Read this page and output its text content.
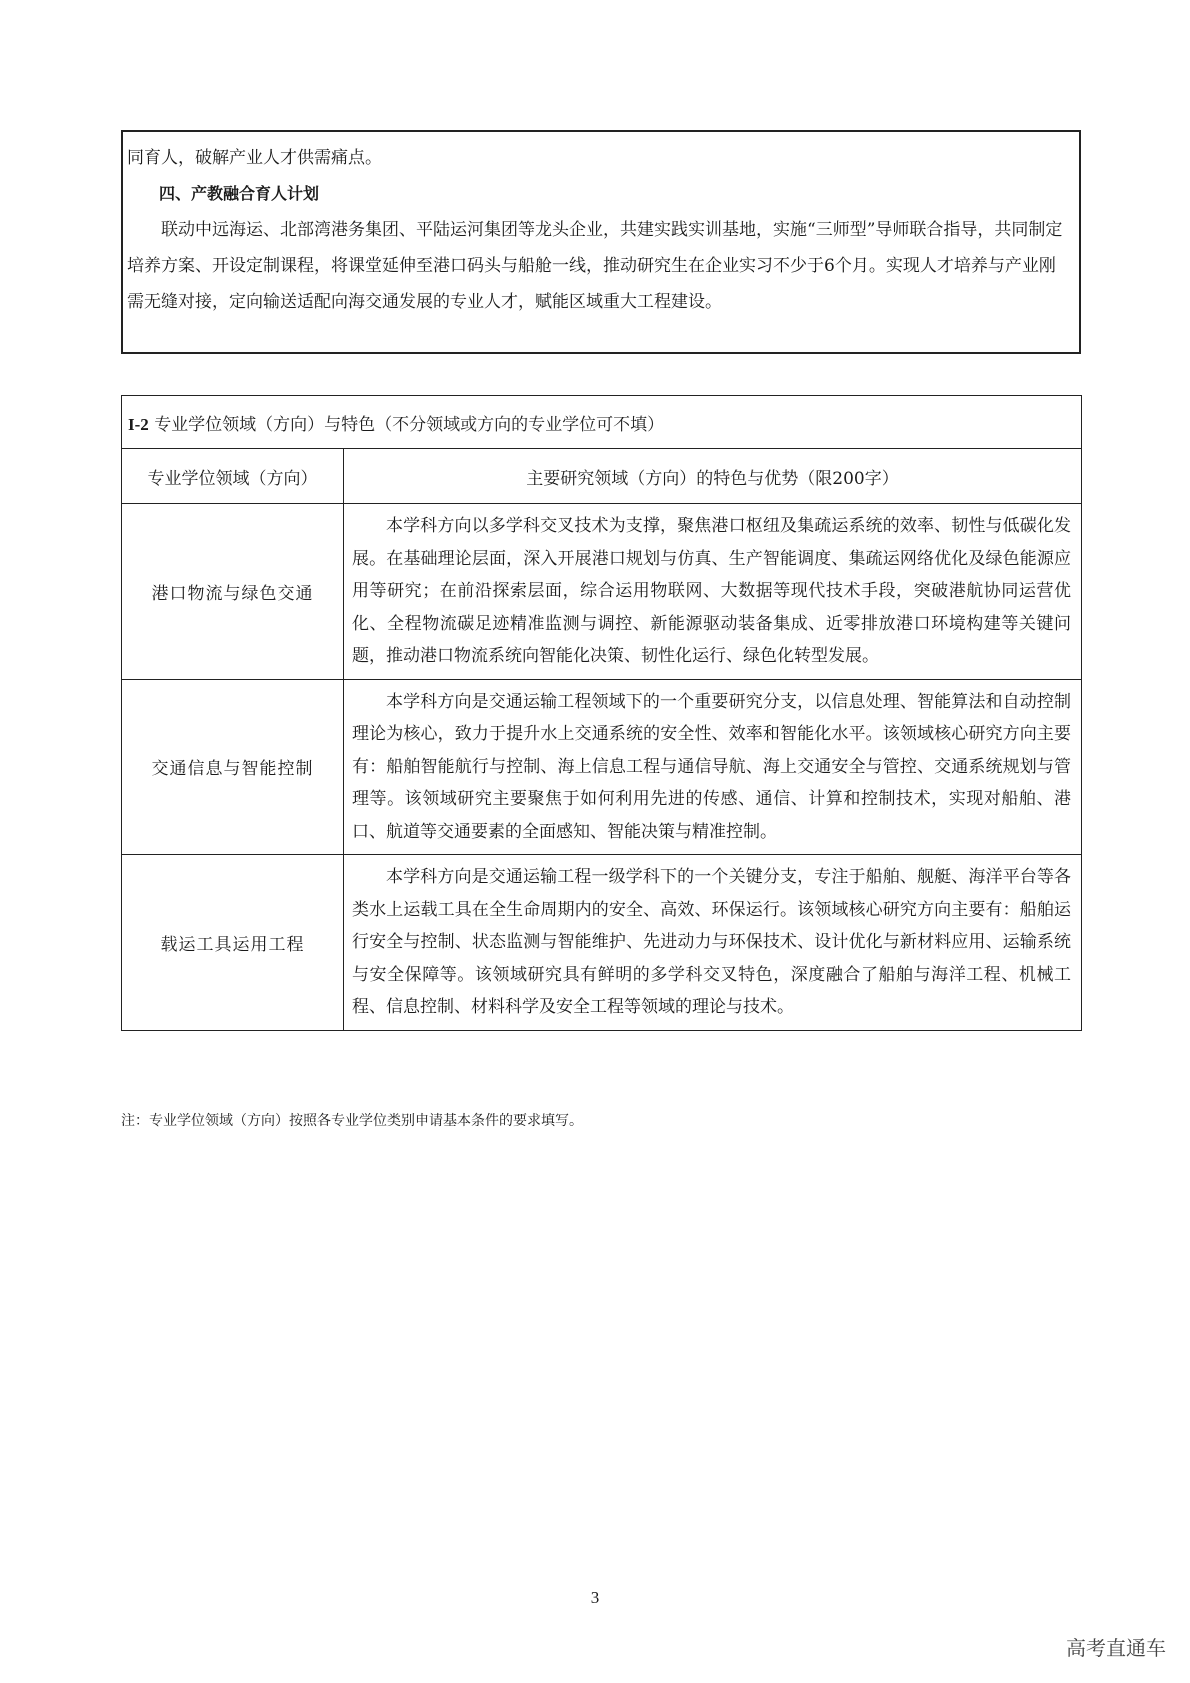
同育人，破解产业人才供需痛点。

四、产教融合育人计划

联动中远海运、北部湾港务集团、平陆运河集团等龙头企业，共建实践实训基地，实施“三师型”导师联合指导，共同制定培养方案、开设定制课程，将课堂延伸至港口码头与船舱一线，推动研究生在企业实习不少于6个月。实现人才培养与产业刚需无缝对接，定向输送适配向海交通发展的专业人才，赋能区域重大工程建设。

I-2 专业学位领域（方向）与特色（不分领域或方向的专业学位可不填）	
专业学位领域（方向）	主要研究领域（方向）的特色与优势（限200字）
港口物流与绿色交通	本学科方向以多学科交叉技术为支撑，聚焦港口枢纽及集疏运系统的效率、韧性与低碳化发展。在基础理论层面，深入开展港口规划与仿真、生产智能调度、集疏运网络优化及绿色能源应用等研究；在前沿探索层面，综合运用物联网、大数据等现代技术手段，突破港航协同运营优化、全程物流碳足迹精准监测与调控、新能源驱动装备集成、近零排放港口环境构建等关键问题，推动港口物流系统向智能化决策、韧性化运行、绿色化转型发展。

交通信息与智能控制	本学科方向是交通运输工程领域下的一个重要研究分支，以信息处理、智能算法和自动控制理论为核心，致力于提升水上交通系统的安全性、效率和智能化水平。该领域核心研究方向主要有：船舶智能航行与控制、海上信息工程与通信导航、海上交通安全与管控、交通系统规划与管理等。该领域研究主要聚焦于如何利用先进的传感、通信、计算和控制技术，实现对船舶、港口、航道等交通要素的全面感知、智能决策与精准控制。

载运工具运用工程	本学科方向是交通运输工程一级学科下的一个关键分支，专注于船舶、舰艇、海洋平台等各类水上运载工具在全生命周期内的安全、高效、环保运行。该领域核心研究方向主要有：船舶运行安全与控制、状态监测与智能维护、先进动力与环保技术、设计优化与新材料应用、运输系统与安全保障等。该领域研究具有鲜明的多学科交叉特色，深度融合了船舶与海洋工程、机械工程、信息控制、材料科学及安全工程等领域的理论与技术。
注：专业学位领域（方向）按照各专业学位类别申请基本条件的要求填写。
3
高考直通车
